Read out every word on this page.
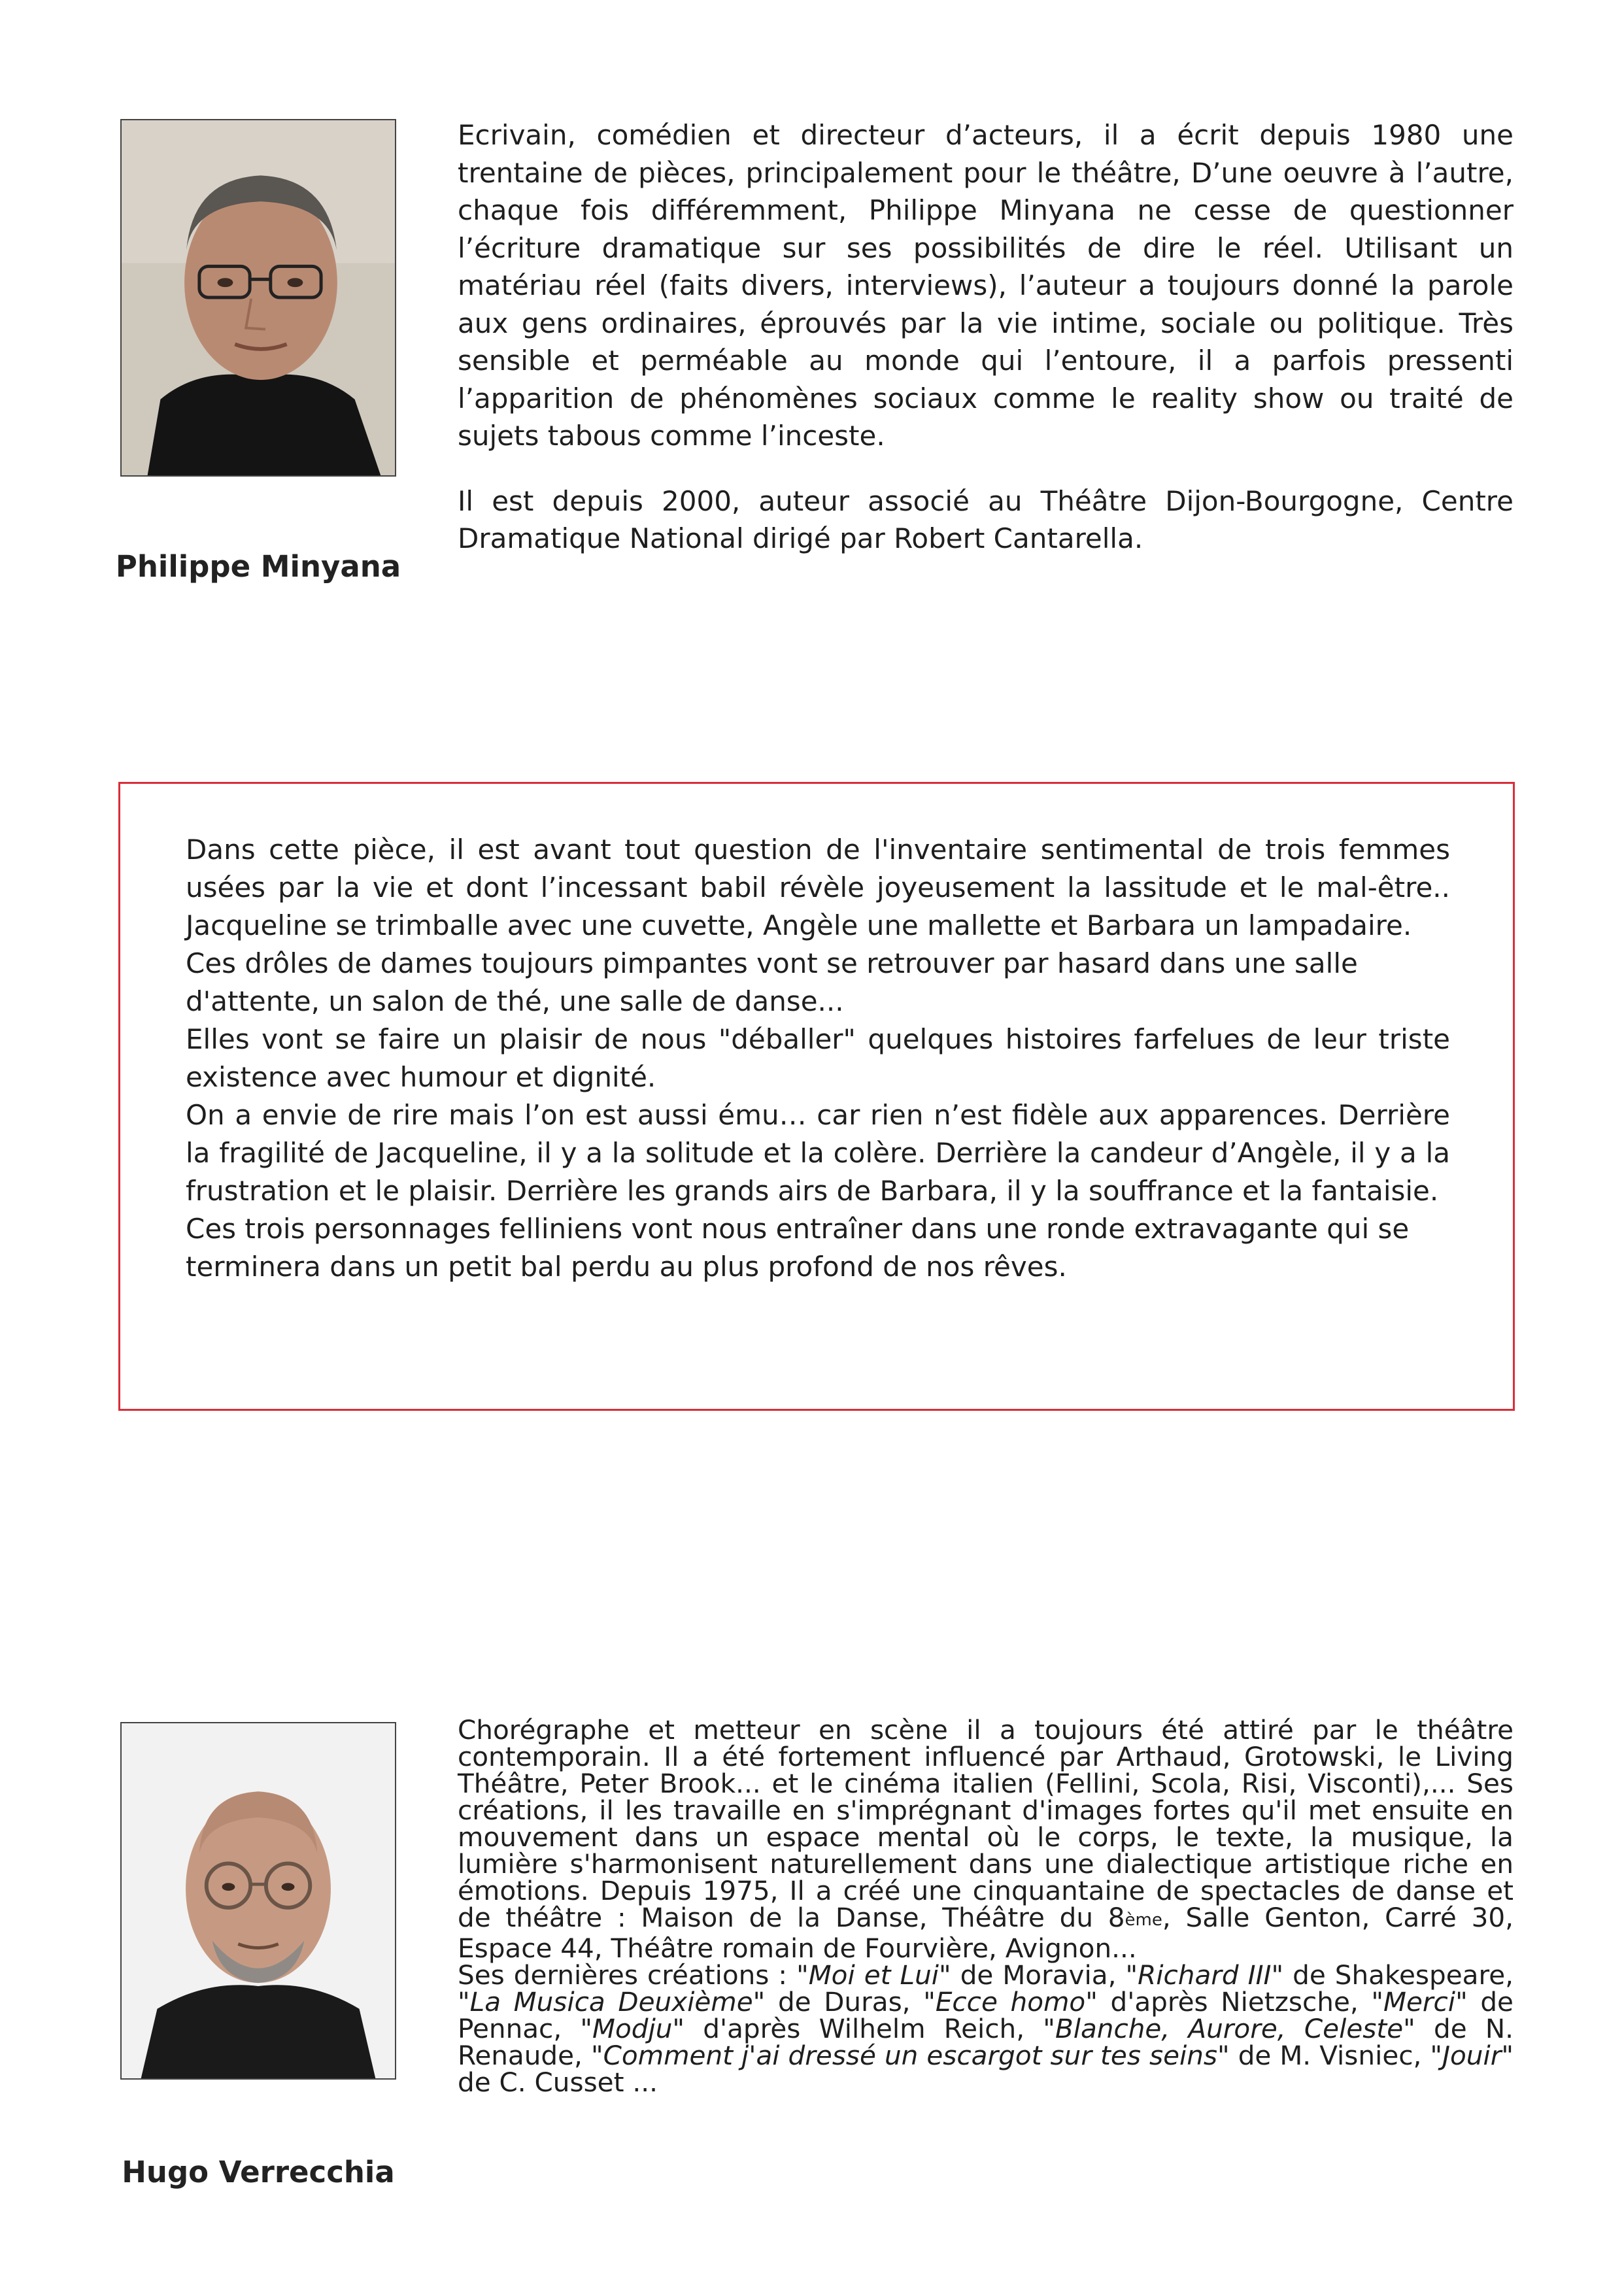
Philippe Minyana

Ecrivain, comédien et directeur d’acteurs, il a écrit depuis 1980 une trentaine de pièces, principalement pour le théâtre, D’une oeuvre à l’autre, chaque fois différemment, Philippe Minyana ne cesse de questionner l’écriture dramatique sur ses possibilités de dire le réel. Utilisant un matériau réel (faits divers, interviews), l’auteur a toujours donné la parole aux gens ordinaires, éprouvés par la vie intime, sociale ou politique. Très sensible et perméable au monde qui l’entoure, il a parfois pressenti l’apparition de phénomènes sociaux comme le reality show ou traité de sujets tabous comme l’inceste.

Il est depuis 2000, auteur associé au Théâtre Dijon-Bourgogne, Centre Dramatique National dirigé par Robert Cantarella.

Dans cette pièce, il est avant tout question de l'inventaire sentimental de trois femmes usées par la vie et dont l’incessant babil révèle joyeusement la lassitude et le mal-être.. Jacqueline se trimballe avec une cuvette, Angèle une mallette et Barbara un lampadaire.

Ces drôles de dames toujours pimpantes vont se retrouver par hasard dans une salle d'attente, un salon de thé, une salle de danse...

Elles vont se faire un plaisir de nous "déballer" quelques histoires farfelues de leur triste existence avec humour et dignité.

On a envie de rire mais l’on est aussi ému… car rien n’est fidèle aux apparences. Derrière la fragilité de Jacqueline, il y a la solitude et la colère. Derrière la candeur d’Angèle, il y a la frustration et le plaisir. Derrière les grands airs de Barbara, il y la souffrance et la fantaisie.

Ces trois personnages felliniens vont nous entraîner dans une ronde extravagante qui se terminera dans un petit bal perdu au plus profond de nos rêves.

Hugo Verrecchia

Chorégraphe et metteur en scène il a toujours été attiré par le théâtre contemporain. Il a été fortement influencé par Arthaud, Grotowski, le Living Théâtre, Peter Brook... et le cinéma italien (Fellini, Scola, Risi, Visconti),... Ses créations, il les travaille en s'imprégnant d'images fortes qu'il met ensuite en mouvement dans un espace mental où le corps, le texte, la musique, la lumière s'harmonisent naturellement dans une dialectique artistique riche en émotions. Depuis 1975, Il a créé une cinquantaine de spectacles de danse et de théâtre : Maison de la Danse, Théâtre du 8ème, Salle Genton, Carré 30, Espace 44, Théâtre romain de Fourvière, Avignon...

Ses dernières créations : "Moi et Lui" de Moravia, "Richard III" de Shakespeare, "La Musica Deuxième" de Duras, "Ecce homo" d'après Nietzsche, "Merci" de Pennac, "Modju" d'après Wilhelm Reich, "Blanche, Aurore, Celeste" de N. Renaude, "Comment j'ai dressé un escargot sur tes seins" de M. Visniec, "Jouir" de C. Cusset ...
